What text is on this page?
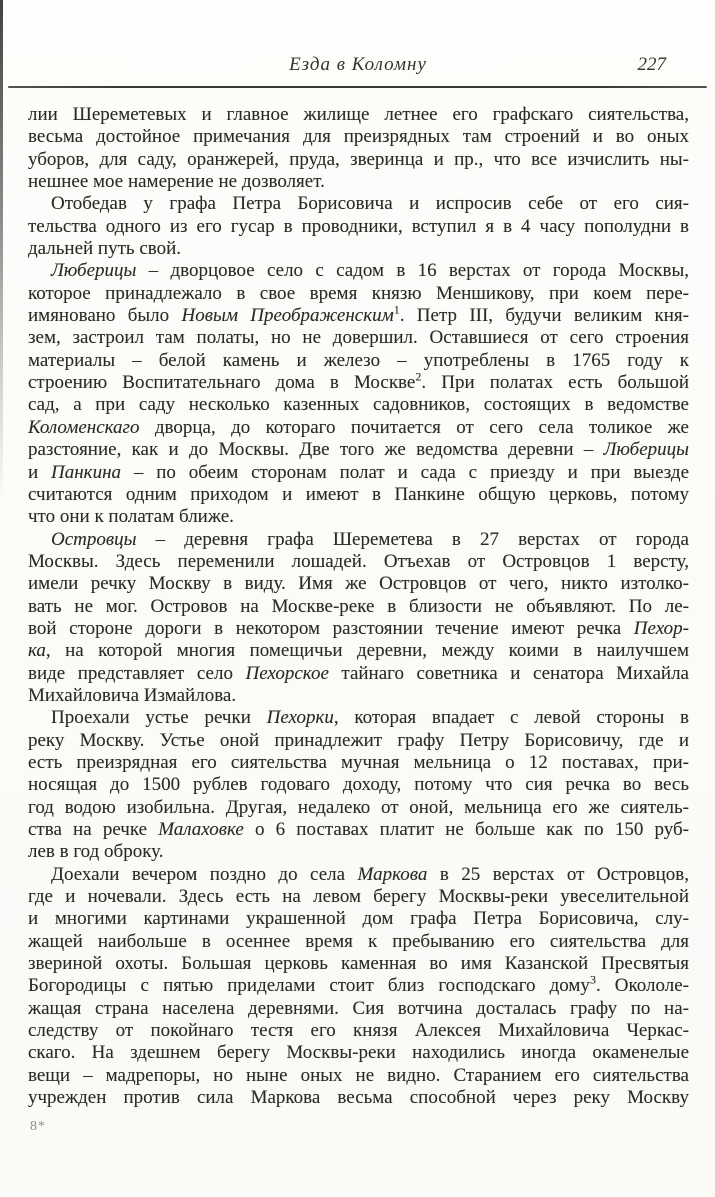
Езда в Коломну	227
лии Шереметевых и главное жилище летнее его графскаго сиятельства,
весьма достойное примечания для преизрядных там строений и во оных
уборов, для саду, оранжерей, пруда, зверинца и пр., что все изчислить ны-
нешнее мое намерение не дозволяет.
Отобедав у графа Петра Борисовича и испросив себе от его сия-
тельства одного из его гусар в проводники, вступил я в 4 часу пополудни в
дальней путь свой.
Люберицы – дворцовое село с садом в 16 верстах от города Москвы,
которое принадлежало в свое время князю Меншикову, при коем пере-
имяновано было Новым Преображенским$^1$. Петр III, будучи великим кня-
зем, застроил там полаты, но не довершил. Оставшиеся от сего строения
материалы – белой камень и железо – употреблены в 1765 году к
строению Воспитательнаго дома в Москве$^2$. При полатах есть большой
сад, а при саду несколько казенных садовников, состоящих в ведомстве
Коломенскаго дворца, до котораго почитается от сего села толикое же
разстояние, как и до Москвы. Две того же ведомства деревни – Люберицы
и Панкина – по обеим сторонам полат и сада с приезду и при выезде
считаются одним приходом и имеют в Панкине общую церковь, потому
что они к полатам ближе.
Островцы – деревня графа Шереметева в 27 верстах от города
Москвы. Здесь переменили лошадей. Отъехав от Островцов 1 версту,
имели речку Москву в виду. Имя же Островцов от чего, никто изтолко-
вать не мог. Островов на Москве-реке в близости не объявляют. По ле-
вой стороне дороги в некотором разстоянии течение имеют речка Пехор-
ка, на которой многия помещичьи деревни, между коими в наилучшем
виде представляет село Пехорское тайнаго советника и сенатора Михайла
Михайловича Измайлова.
Проехали устье речки Пехорки, которая впадает с левой стороны в
реку Москву. Устье оной принадлежит графу Петру Борисовичу, где и
есть преизрядная его сиятельства мучная мельница о 12 поставах, при-
носящая до 1500 рублев годоваго доходу, потому что сия речка во весь
год водою изобильна. Другая, недалеко от оной, мельница его же сиятель-
ства на речке Малаховке о 6 поставах платит не больше как по 150 руб-
лев в год оброку.
Доехали вечером поздно до села Маркова в 25 верстах от Островцов,
где и ночевали. Здесь есть на левом берегу Москвы-реки увеселительной
и многими картинами украшенной дом графа Петра Борисовича, слу-
жащей наибольше в осеннее время к пребыванию его сиятельства для
звериной охоты. Большая церковь каменная во имя Казанской Пресвятыя
Богородицы с пятью приделами стоит близ господскаго дому$^3$. Окололе-
жащая страна населена деревнями. Сия вотчина досталась графу по на-
следству от покойнаго тестя его князя Алексея Михайловича Черкас-
скаго. На здешнем берегу Москвы-реки находились иногда окаменелые
вещи – мадрепоры, но ныне оных не видно. Старанием его сиятельства
учрежден против сила Маркова весьма способной через реку Москву
8*
